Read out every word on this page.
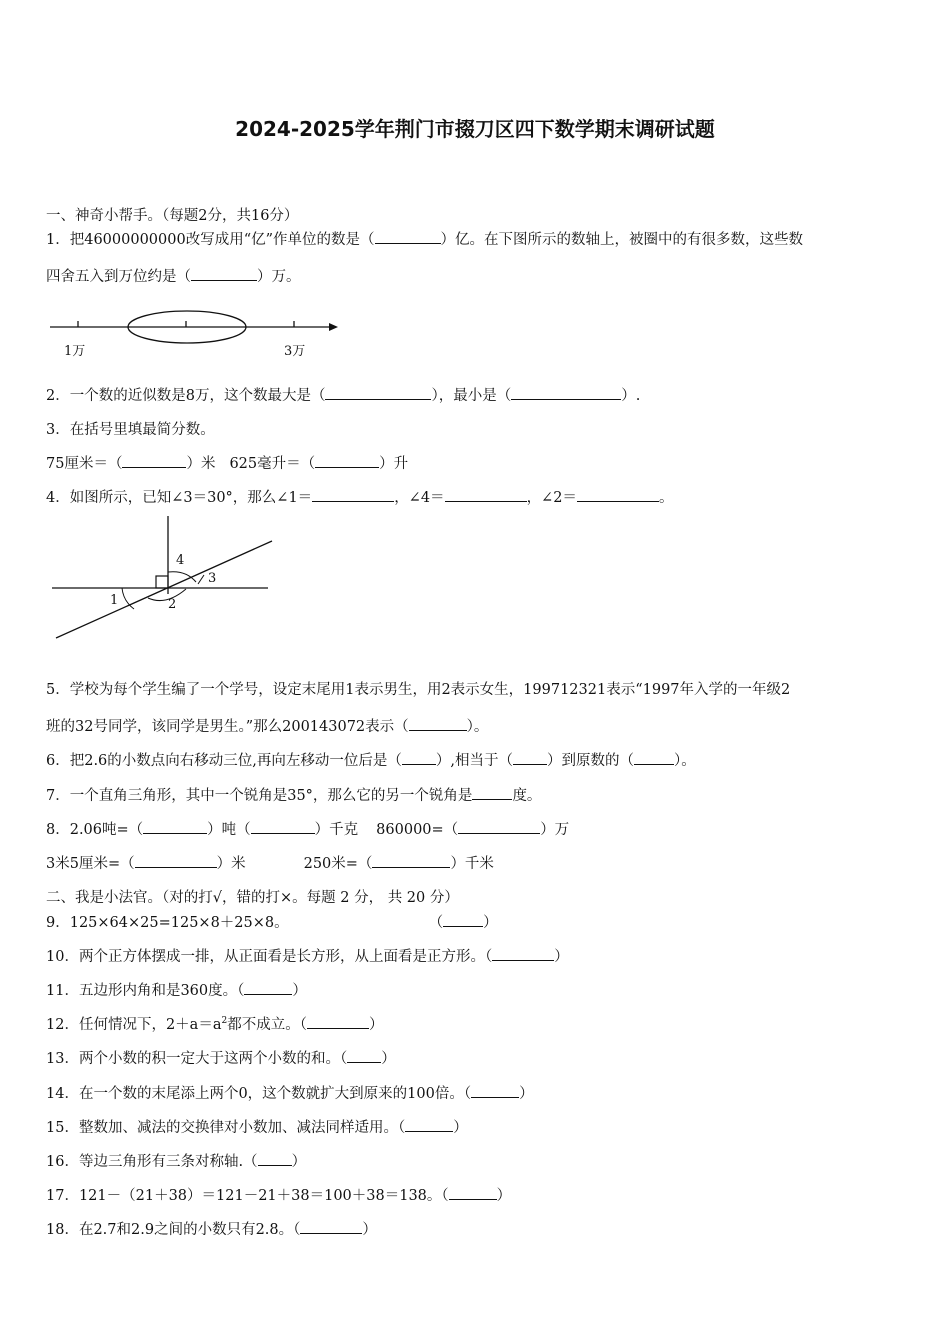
2024-2025学年荆门市掇刀区四下数学期末调研试题
一、神奇小帮手。（每题2分，共16分）
1．把46000000000改写成用“亿”作单位的数是（	）亿。在下图所示的数轴上，被圈中的有很多数，这些数
四舍五入到万位约是（	）万。
1万	3万
2．一个数的近似数是8万，这个数最大是（	），最小是（	）.
3．在括号里填最简分数。
75厘米＝（	）米 625毫升＝（	）升
4．如图所示，已知∠3＝30°，那么∠1＝	，∠4＝	，∠2＝	。
1	2
3
4
5．学校为每个学生编了一个学号，设定末尾用1表示男生，用2表示女生，199712321表示“1997年入学的一年级2
班的32号同学，该同学是男生。”那么200143072表示（	）。
6．把2.6的小数点向右移动三位,再向左移动一位后是（ ）,相当于（ ）到原数的（	）。
7．一个直角三角形，其中一个锐角是35°，那么它的另一个锐角是	度。
8．2.06吨=（	）吨（	）千克 860000=（	）万
3米5厘米=（	）米	250米=（	）千米
二、我是小法官。（对的打√，错的打×。每题 2 分， 共 20 分）
9．125×64×25=125×8＋25×8。	（	）
10．两个正方体摆成一排，从正面看是长方形，从上面看是正方形。（	）
11．五边形内角和是360度。（	）
12．任何情况下，$2+a=a^2$都不成立。（	）
13．两个小数的积一定大于这两个小数的和。（ ）
14．在一个数的末尾添上两个0，这个数就扩大到原来的100倍。（	）
15．整数加、减法的交换律对小数加、减法同样适用。（	）
16．等边三角形有三条对称轴.（ ）
17．121－（21＋38）＝121－21＋38＝100＋38＝138。（	）
18．在2.7和2.9之间的小数只有2.8。（	）
